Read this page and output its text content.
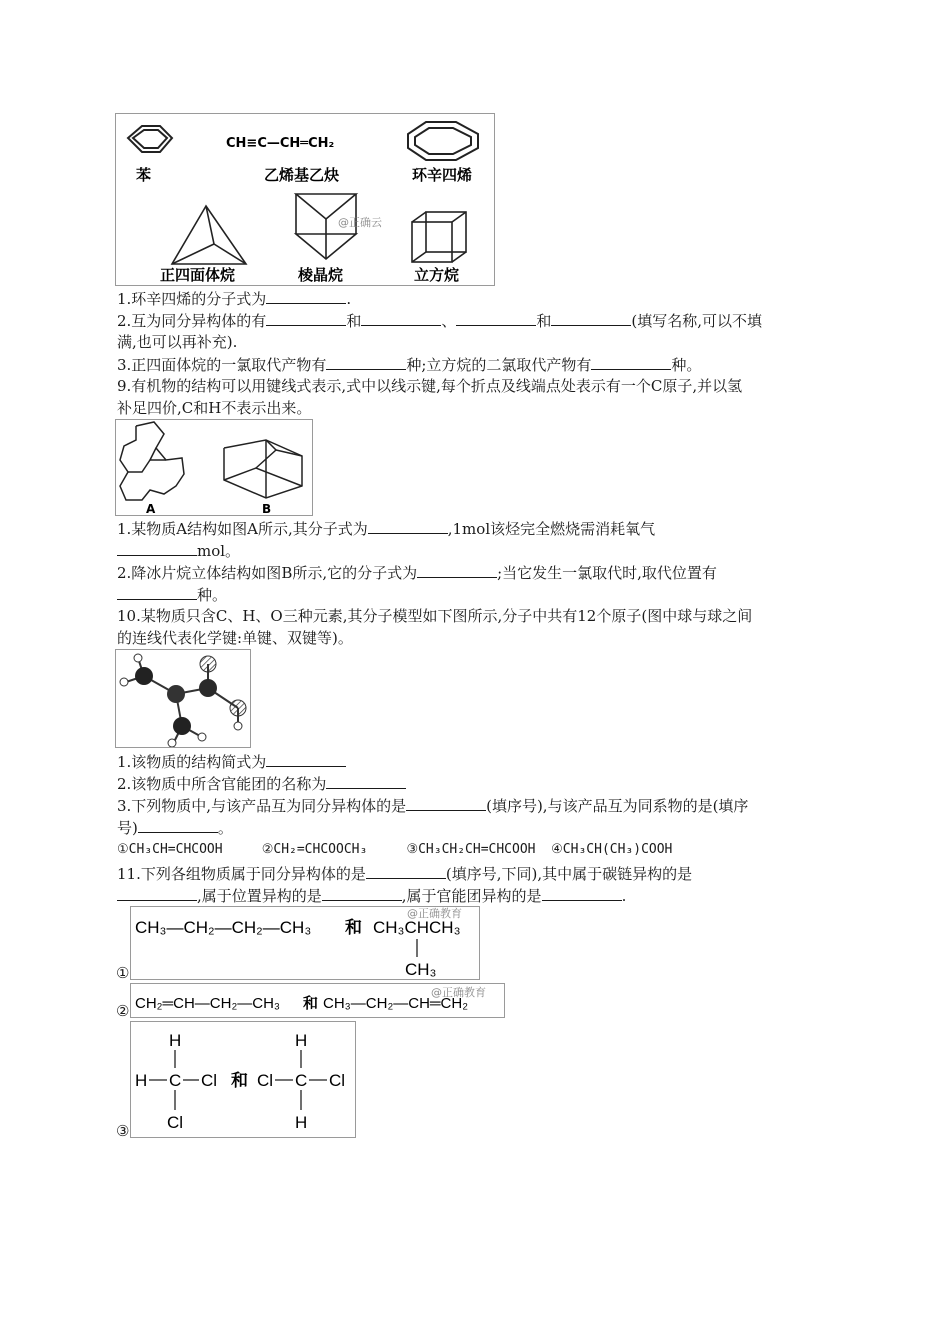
苯
CH≡C—CH═CH₂
乙烯基乙炔	环辛四烯
正四面体烷
@正确云
棱晶烷	立方烷
1.环辛四烯的分子式为	.
2.互为同分异构体的有	和	、	和	(填写名称,可以不填
满,也可以再补充).
3.正四面体烷的一氯取代产物有	种;立方烷的二氯取代产物有	种。
9.有机物的结构可以用键线式表示,式中以线示键,每个折点及线端点处表示有一个C原子,并以氢
补足四价,C和H不表示出来。
A	B
1.某物质A结构如图A所示,其分子式为	,1mol该烃完全燃烧需消耗氧气
mol。
2.降冰片烷立体结构如图B所示,它的分子式为	;当它发生一氯取代时,取代位置有
种。
10.某物质只含C、H、O三种元素,其分子模型如下图所示,分子中共有12个原子(图中球与球之间
的连线代表化学键:单键、双键等)。
1.该物质的结构简式为
2.该物质中所含官能团的名称为
3.下列物质中,与该产品互为同分异构体的是	(填序号),与该产品互为同系物的是(填序
号)	。
①CH₃CH=CHCOOH	②CH₂=CHCOOCH₃	③CH₃CH₂CH=CHCOOH ④CH₃CH(CH₃)COOH
11.下列各组物质属于同分异构体的是	(填序号,下同),其中属于碳链异构的是
,属于位置异构的是	,属于官能团异构的是	.
①
CH₃—CH₂—CH₂—CH₃ 和 CH₃CHCH₃
CH₃
@正确教育
② CH₂═CH—CH₂—CH₃ 和 CH₃—CH₂—CH═CH₂
@正确教育
③
H
H C Cl
Cl
和
H
Cl C Cl
H
